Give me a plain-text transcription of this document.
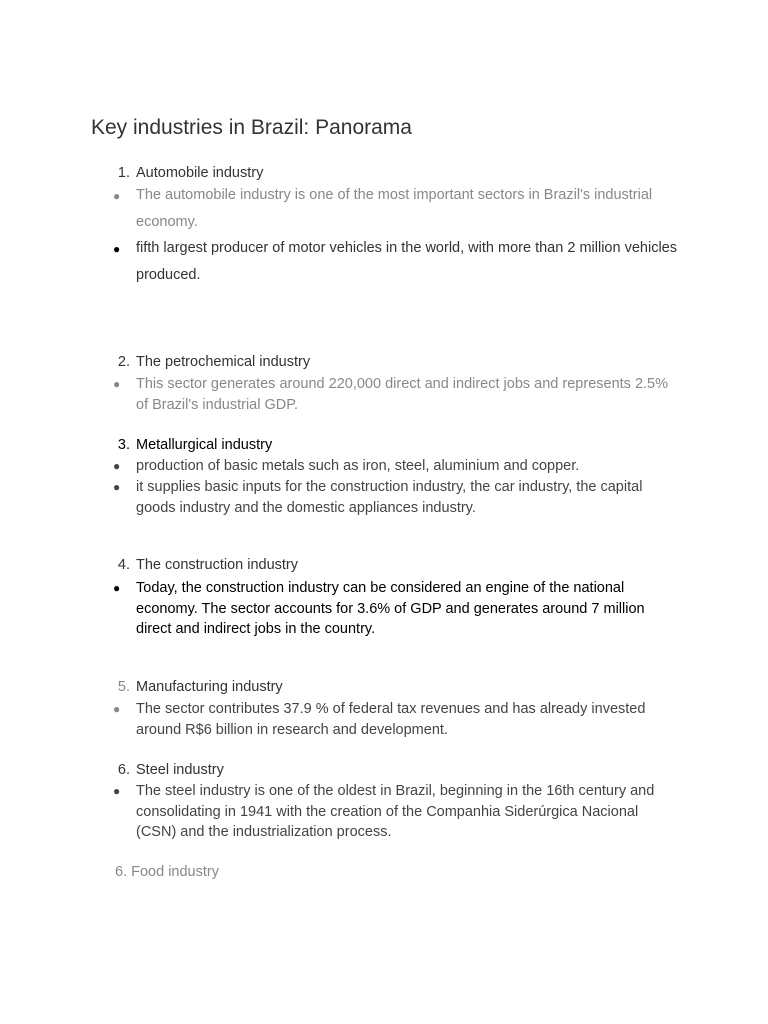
Key industries in Brazil: Panorama
1. Automobile industry
● The automobile industry is one of the most important sectors in Brazil's industrial economy.
● fifth largest producer of motor vehicles in the world, with more than 2 million vehicles produced.
2. The petrochemical industry
● This sector generates around 220,000 direct and indirect jobs and represents 2.5% of Brazil's industrial GDP.
3. Metallurgical industry
● production of basic metals such as iron, steel, aluminium and copper.
● it supplies basic inputs for the construction industry, the car industry, the capital goods industry and the domestic appliances industry.
4. The construction industry
● Today, the construction industry can be considered an engine of the national economy. The sector accounts for 3.6% of GDP and generates around 7 million direct and indirect jobs in the country.
5. Manufacturing industry
● The sector contributes 37.9 % of federal tax revenues and has already invested around R$6 billion in research and development.
6. Steel industry
● The steel industry is one of the oldest in Brazil, beginning in the 16th century and consolidating in 1941 with the creation of the Companhia Siderúrgica Nacional (CSN) and the industrialization process.
6. Food industry
